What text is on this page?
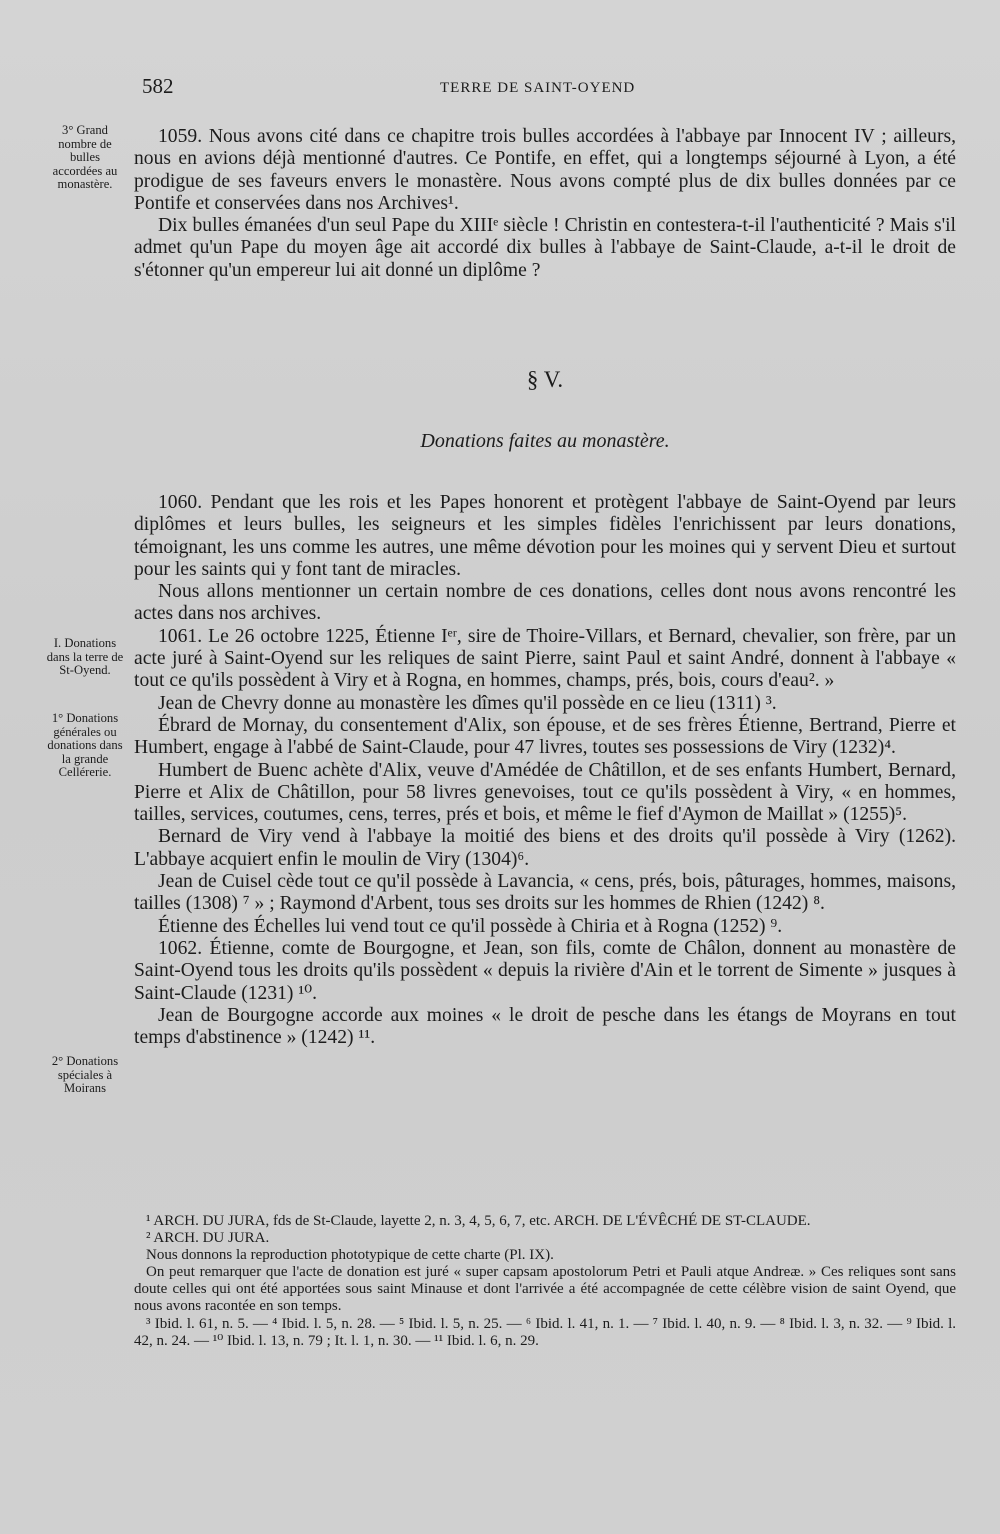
582	TERRE DE SAINT-OYEND
3° Grand nombre de bulles accordées au monastère.
I. Donations dans la terre de St-Oyend.
1° Donations générales ou donations dans la grande Cellérerie.
2° Donations spéciales à Moirans

1059. Nous avons cité dans ce chapitre trois bulles accordées à l'abbaye par Innocent IV ; ailleurs, nous en avions déjà mentionné d'autres. Ce Pontife, en effet, qui a longtemps séjourné à Lyon, a été prodigue de ses faveurs envers le monastère. Nous avons compté plus de dix bulles données par ce Pontife et conservées dans nos Archives¹.

Dix bulles émanées d'un seul Pape du XIIIᵉ siècle ! Christin en contestera-t-il l'authenticité ? Mais s'il admet qu'un Pape du moyen âge ait accordé dix bulles à l'abbaye de Saint-Claude, a-t-il le droit de s'étonner qu'un empereur lui ait donné un diplôme ?

§ V.
Donations faites au monastère.

1060. Pendant que les rois et les Papes honorent et protègent l'abbaye de Saint-Oyend par leurs diplômes et leurs bulles, les seigneurs et les simples fidèles l'enrichissent par leurs donations, témoignant, les uns comme les autres, une même dévotion pour les moines qui y servent Dieu et surtout pour les saints qui y font tant de miracles.

Nous allons mentionner un certain nombre de ces donations, celles dont nous avons rencontré les actes dans nos archives.

1061. Le 26 octobre 1225, Étienne Iᵉʳ, sire de Thoire-Villars, et Bernard, chevalier, son frère, par un acte juré à Saint-Oyend sur les reliques de saint Pierre, saint Paul et saint André, donnent à l'abbaye « tout ce qu'ils possèdent à Viry et à Rogna, en hommes, champs, prés, bois, cours d'eau². »

Jean de Chevry donne au monastère les dîmes qu'il possède en ce lieu (1311) ³.

Ébrard de Mornay, du consentement d'Alix, son épouse, et de ses frères Étienne, Bertrand, Pierre et Humbert, engage à l'abbé de Saint-Claude, pour 47 livres, toutes ses possessions de Viry (1232)⁴.

Humbert de Buenc achète d'Alix, veuve d'Amédée de Châtillon, et de ses enfants Humbert, Bernard, Pierre et Alix de Châtillon, pour 58 livres genevoises, tout ce qu'ils possèdent à Viry, « en hommes, tailles, services, coutumes, cens, terres, prés et bois, et même le fief d'Aymon de Maillat » (1255)⁵.

Bernard de Viry vend à l'abbaye la moitié des biens et des droits qu'il possède à Viry (1262). L'abbaye acquiert enfin le moulin de Viry (1304)⁶.

Jean de Cuisel cède tout ce qu'il possède à Lavancia, « cens, prés, bois, pâturages, hommes, maisons, tailles (1308) ⁷ » ; Raymond d'Arbent, tous ses droits sur les hommes de Rhien (1242) ⁸.

Étienne des Échelles lui vend tout ce qu'il possède à Chiria et à Rogna (1252) ⁹.

1062. Étienne, comte de Bourgogne, et Jean, son fils, comte de Châlon, donnent au monastère de Saint-Oyend tous les droits qu'ils possèdent « depuis la rivière d'Ain et le torrent de Simente » jusques à Saint-Claude (1231) ¹⁰.

Jean de Bourgogne accorde aux moines « le droit de pesche dans les étangs de Moyrans en tout temps d'abstinence » (1242) ¹¹.

¹ ARCH. DU JURA, fds de St-Claude, layette 2, n. 3, 4, 5, 6, 7, etc. ARCH. DE L'ÉVÊCHÉ DE ST-CLAUDE.

² ARCH. DU JURA.

Nous donnons la reproduction phototypique de cette charte (Pl. IX).

On peut remarquer que l'acte de donation est juré « super capsam apostolorum Petri et Pauli atque Andreæ. » Ces reliques sont sans doute celles qui ont été apportées sous saint Minause et dont l'arrivée a été accompagnée de cette célèbre vision de saint Oyend, que nous avons racontée en son temps.

³ Ibid. l. 61, n. 5. — ⁴ Ibid. l. 5, n. 28. — ⁵ Ibid. l. 5, n. 25. — ⁶ Ibid. l. 41, n. 1. — ⁷ Ibid. l. 40, n. 9. — ⁸ Ibid. l. 3, n. 32. — ⁹ Ibid. l. 42, n. 24. — ¹⁰ Ibid. l. 13, n. 79 ; It. l. 1, n. 30. — ¹¹ Ibid. l. 6, n. 29.
